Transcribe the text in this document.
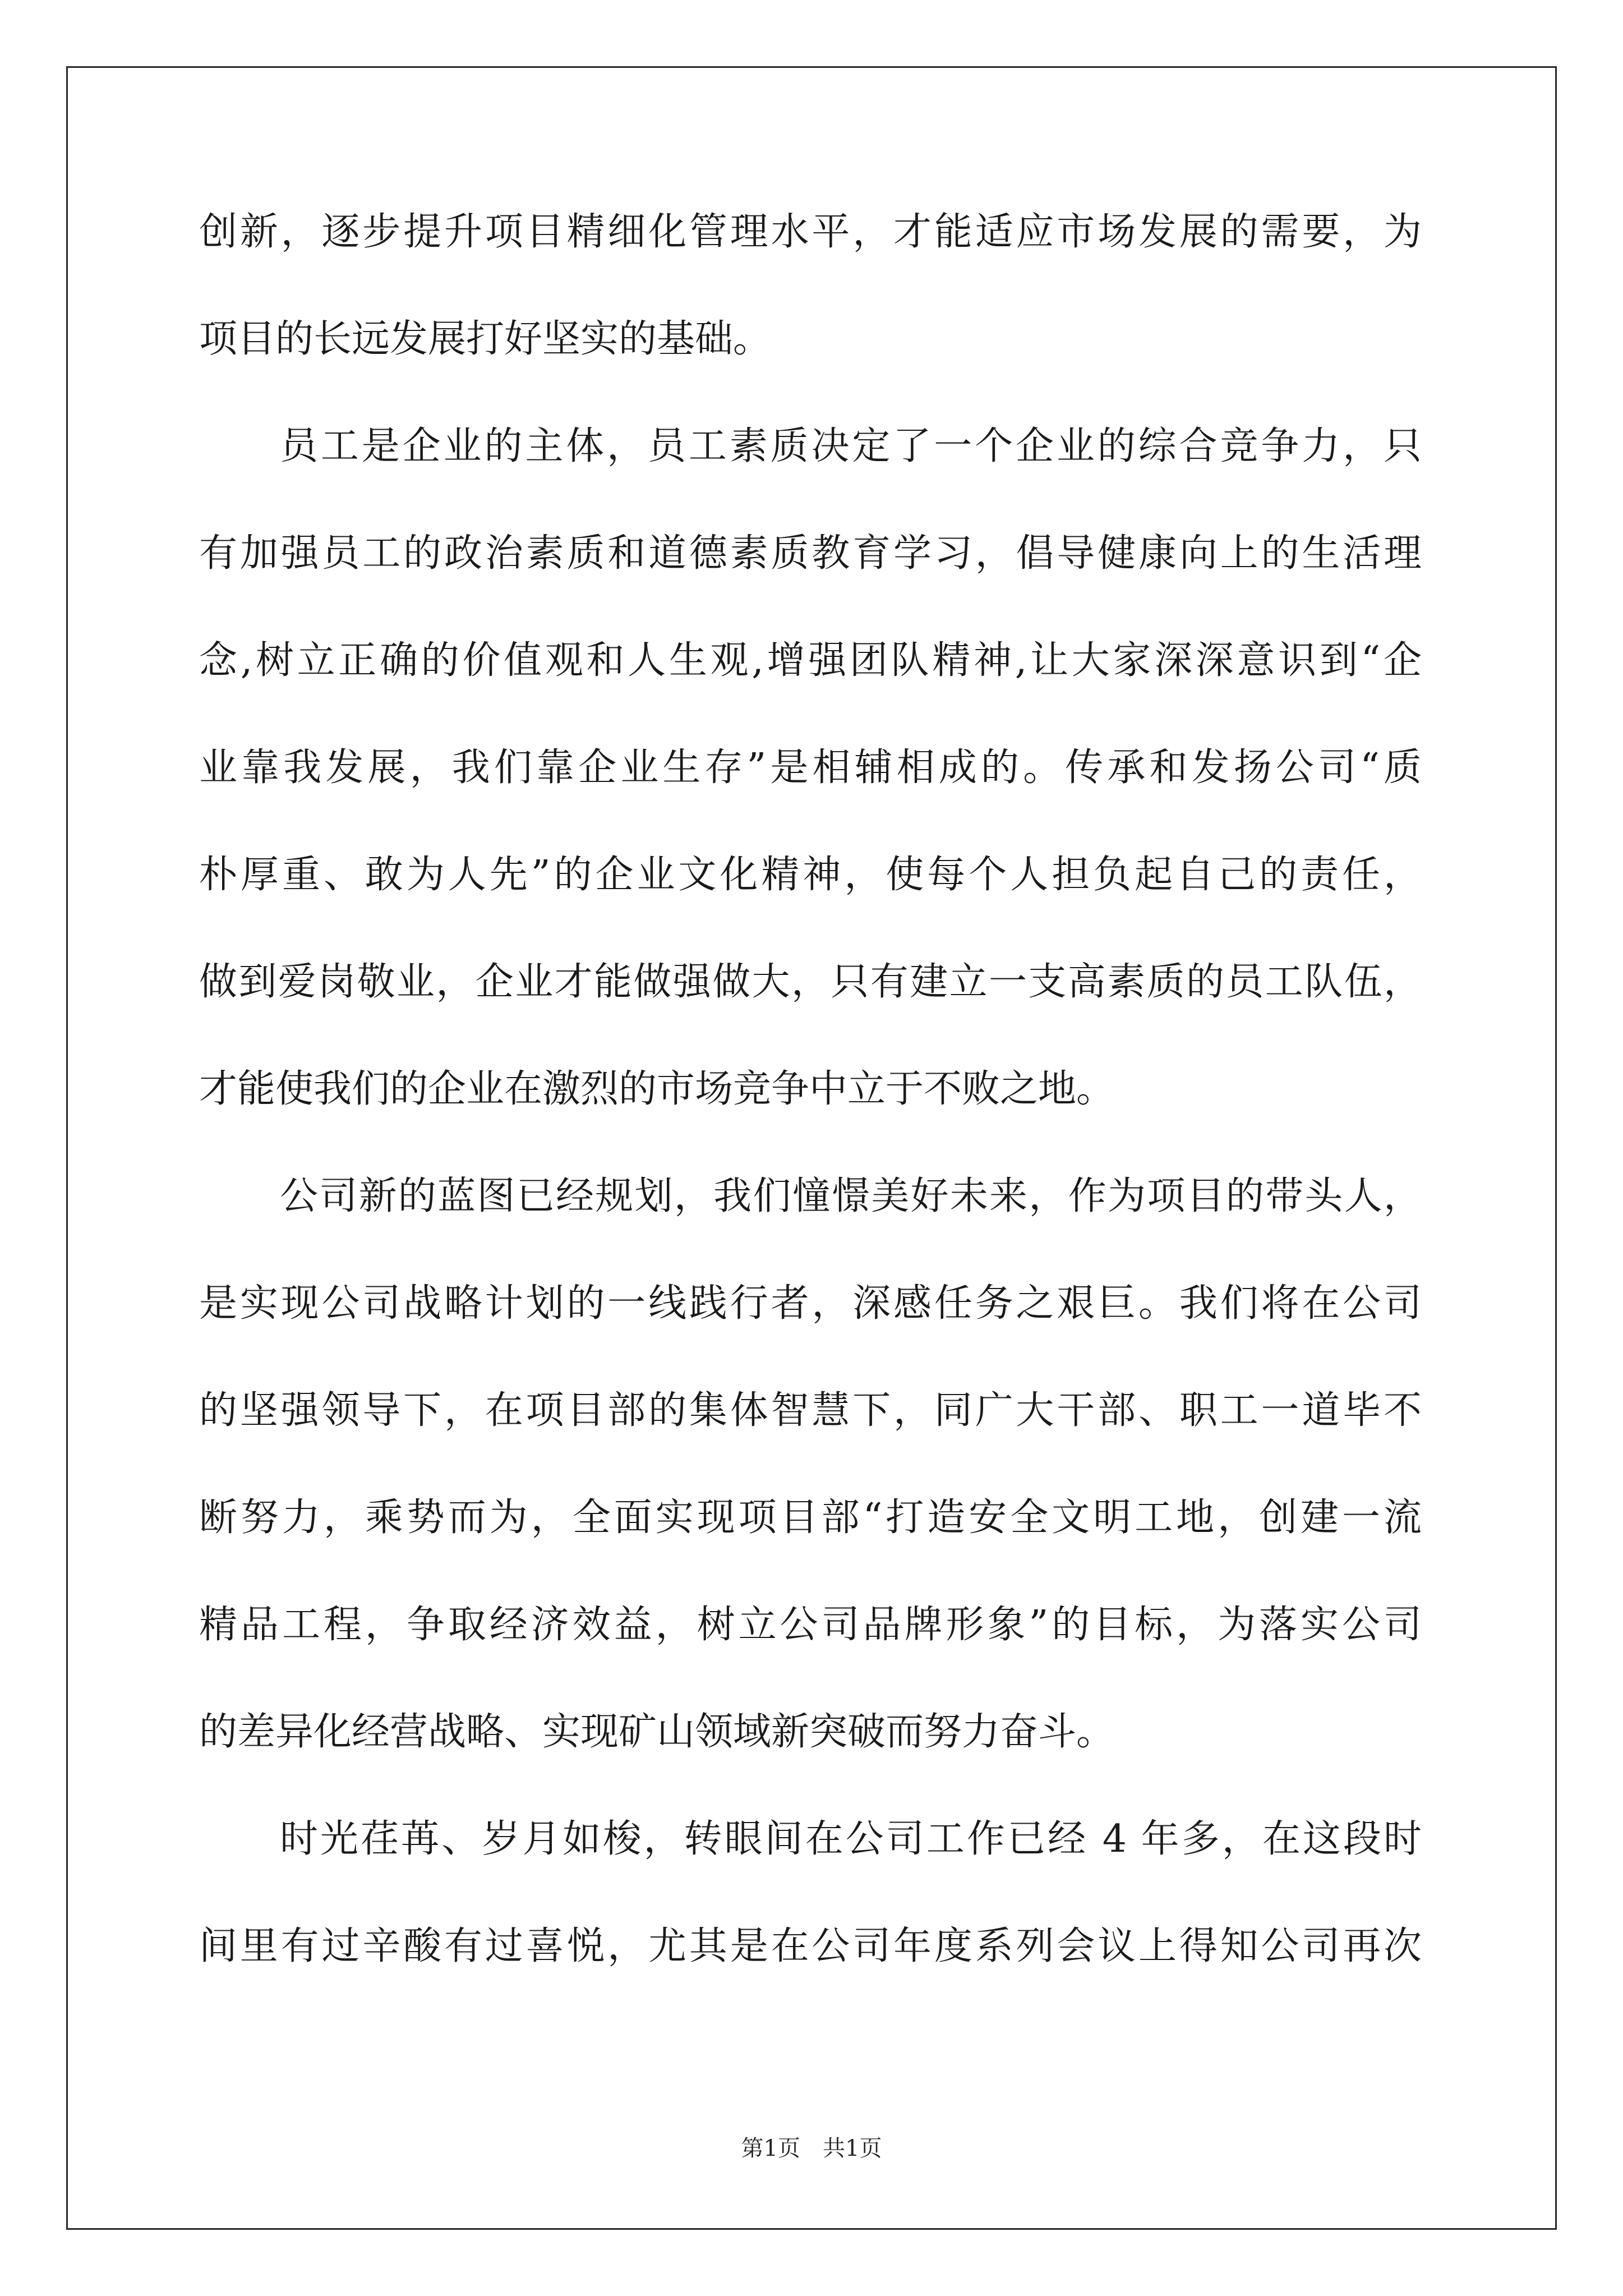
创新，逐步提升项目精细化管理水平，才能适应市场发展的需要，为
项目的长远发展打好坚实的基础。
员工是企业的主体，员工素质决定了一个企业的综合竞争力，只
有加强员工的政治素质和道德素质教育学习，倡导健康向上的生活理
念,树立正确的价值观和人生观,增强团队精神,让大家深深意识到“企
业靠我发展，我们靠企业生存”是相辅相成的。传承和发扬公司“质
朴厚重、敢为人先”的企业文化精神，使每个人担负起自己的责任，
做到爱岗敬业，企业才能做强做大，只有建立一支高素质的员工队伍，
才能使我们的企业在激烈的市场竞争中立于不败之地。
公司新的蓝图已经规划，我们憧憬美好未来，作为项目的带头人，
是实现公司战略计划的一线践行者，深感任务之艰巨。我们将在公司
的坚强领导下，在项目部的集体智慧下，同广大干部、职工一道毕不
断努力，乘势而为，全面实现项目部“打造安全文明工地，创建一流
精品工程，争取经济效益，树立公司品牌形象”的目标，为落实公司
的差异化经营战略、实现矿山领域新突破而努力奋斗。
时光荏苒、岁月如梭，转眼间在公司工作已经 4 年多，在这段时
间里有过辛酸有过喜悦，尤其是在公司年度系列会议上得知公司再次
第1页　共1页
